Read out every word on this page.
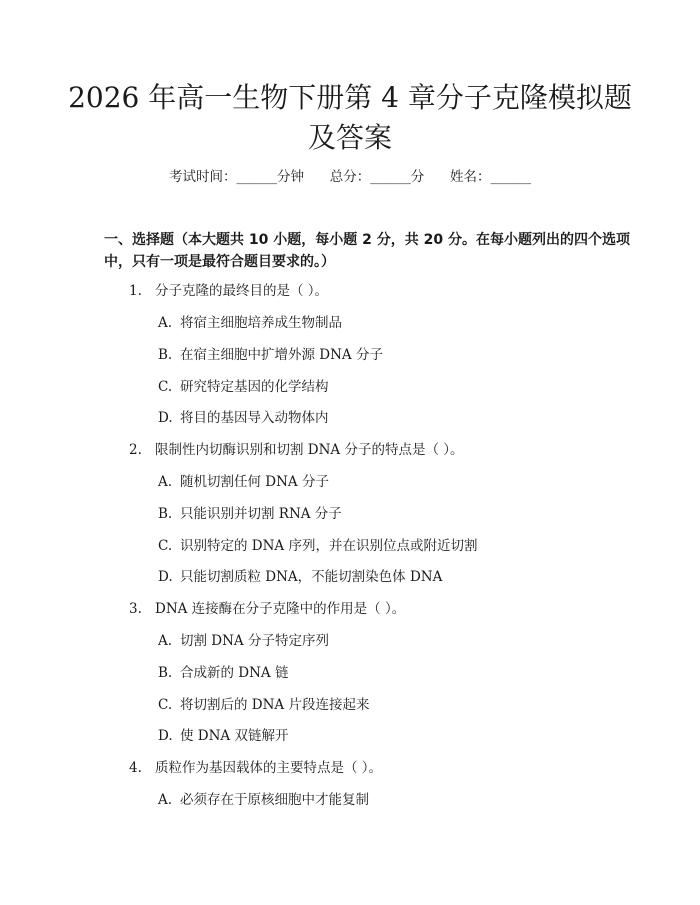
2026 年高一生物下册第 4 章分子克隆模拟题
及答案
考试时间：______分钟 总分：______分 姓名：______
一、选择题（本大题共 10 小题，每小题 2 分，共 20 分。在每小题列出的四个选项中，只有一项是最符合题目要求的。）
1. 分子克隆的最终目的是（ ）。
A. 将宿主细胞培养成生物制品
B. 在宿主细胞中扩增外源 DNA 分子
C. 研究特定基因的化学结构
D. 将目的基因导入动物体内
2. 限制性内切酶识别和切割 DNA 分子的特点是（ ）。
A. 随机切割任何 DNA 分子
B. 只能识别并切割 RNA 分子
C. 识别特定的 DNA 序列，并在识别位点或附近切割
D. 只能切割质粒 DNA，不能切割染色体 DNA
3. DNA 连接酶在分子克隆中的作用是（ ）。
A. 切割 DNA 分子特定序列
B. 合成新的 DNA 链
C. 将切割后的 DNA 片段连接起来
D. 使 DNA 双链解开
4. 质粒作为基因载体的主要特点是（ ）。
A. 必须存在于原核细胞中才能复制
